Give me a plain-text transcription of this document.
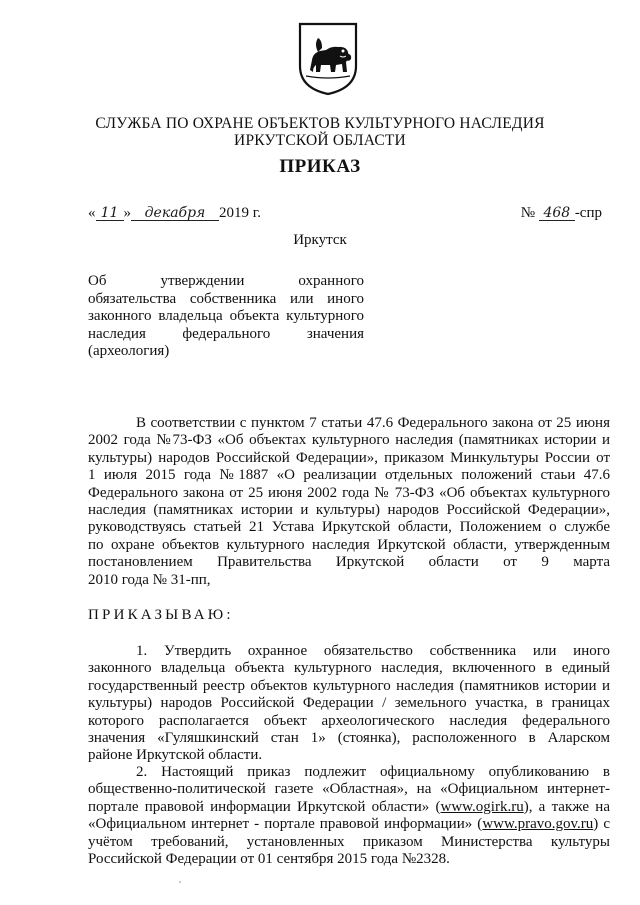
СЛУЖБА ПО ОХРАНЕ ОБЪЕКТОВ КУЛЬТУРНОГО НАСЛЕДИЯ
ИРКУТСКОЙ ОБЛАСТИ
ПРИКАЗ
« 11 » декабря 2019 г.	№ 468 -спр
Иркутск
Об утверждении охранного
обязательства собственника или иного
законного владельца объекта культурного
наследия федерального значения
(археология)
В соответствии с пунктом 7 статьи 47.6 Федерального закона от 25 июня
2002 года №73-ФЗ «Об объектах культурного наследия (памятниках истории и
культуры) народов Российской Федерации», приказом Минкультуры России от
1 июля 2015 года №1887 «О реализации отдельных положений стаьи 47.6
Федерального закона от 25 июня 2002 года № 73-ФЗ «Об объектах культурного
наследия (памятниках истории и культуры) народов Российской Федерации»,
руководствуясь статьей 21 Устава Иркутской области, Положением о службе
по охране объектов культурного наследия Иркутской области, утвержденным
постановлением Правительства Иркутской области от 9 марта
2010 года № 31-пп,
ПРИКАЗЫВАЮ:
1. Утвердить охранное обязательство собственника или иного
законного владельца объекта культурного наследия, включенного в единый
государственный реестр объектов культурного наследия (памятников истории и
культуры) народов Российской Федерации / земельного участка, в границах
которого располагается объект археологического наследия федерального
значения «Гуляшкинский стан 1» (стоянка), расположенного в Аларском
районе Иркутской области.
2. Настоящий приказ подлежит официальному опубликованию в
общественно-политической газете «Областная», на «Официальном интернет-
портале правовой информации Иркутской области» (www.ogirk.ru), а также на
«Официальном интернет - портале правовой информации» (www.pravo.gov.ru) с
учётом требований, установленных приказом Министерства культуры
Российской Федерации от 01 сентября 2015 года №2328.
